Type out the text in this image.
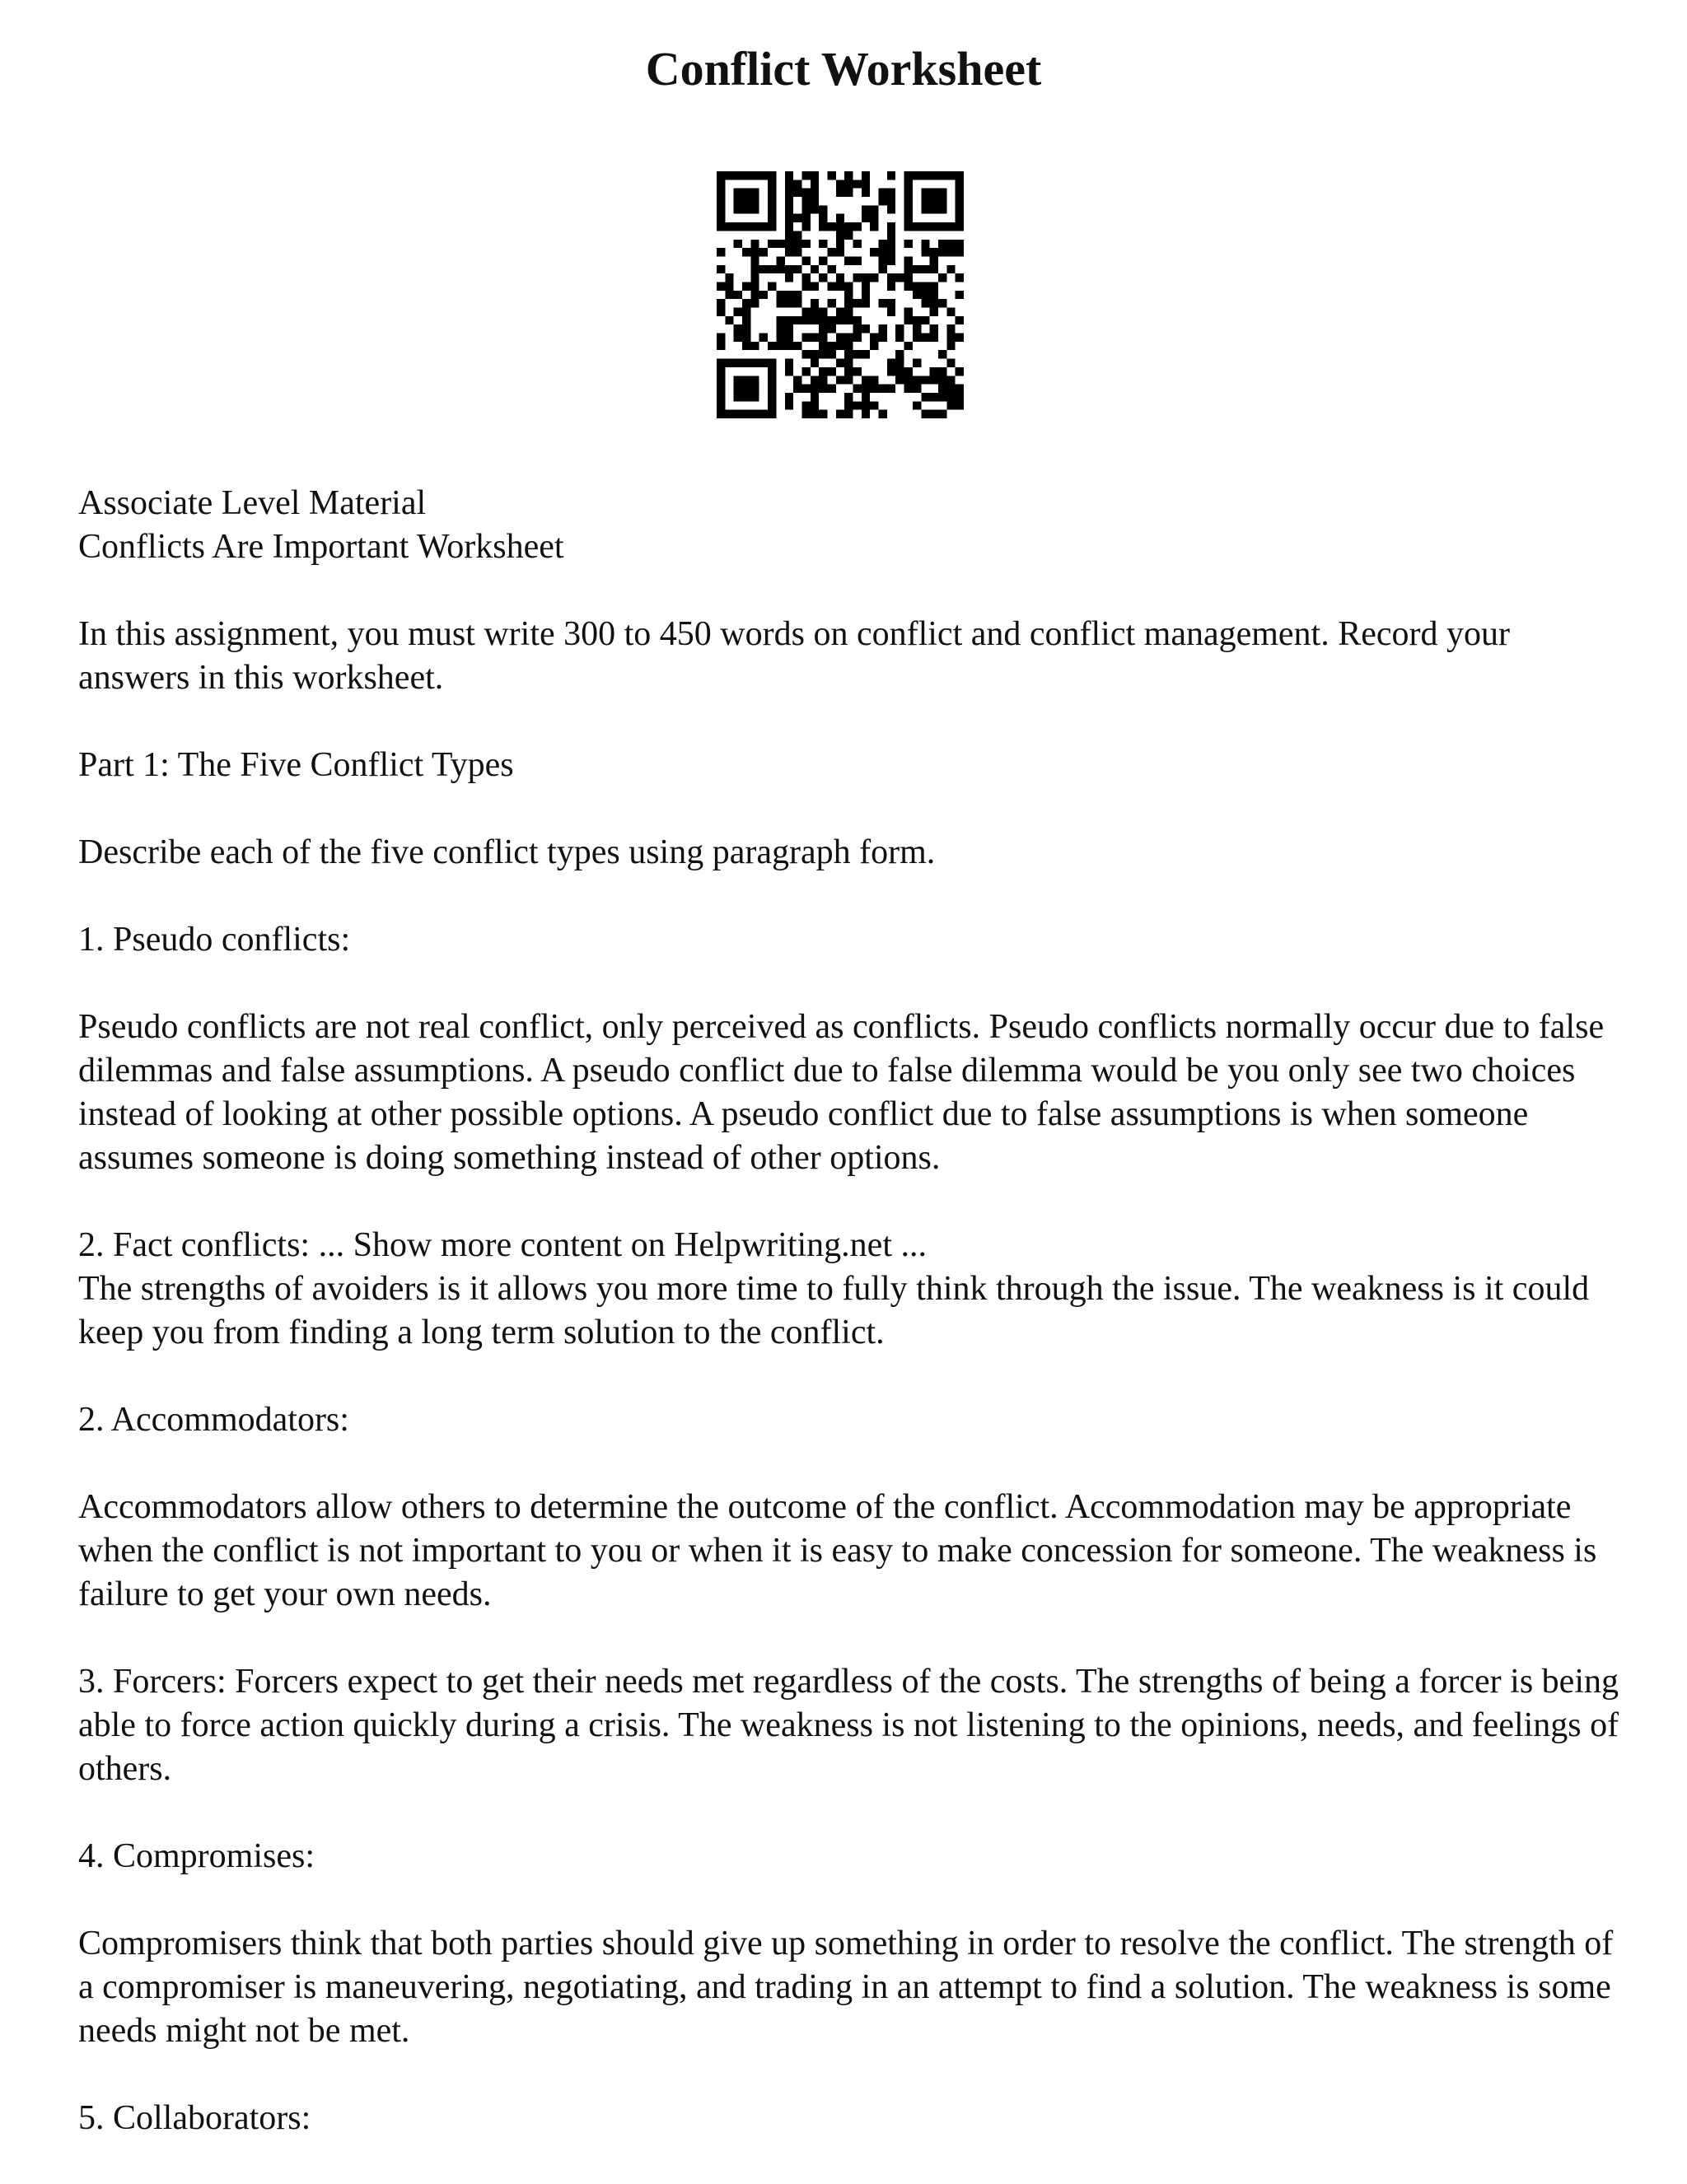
Conflict Worksheet

Associate Level Material

Conflicts Are Important Worksheet

In this assignment, you must write 300 to 450 words on conflict and conflict management. Record your answers in this worksheet.

Part 1: The Five Conflict Types

Describe each of the five conflict types using paragraph form.

1. Pseudo conflicts:

Pseudo conflicts are not real conflict, only perceived as conflicts. Pseudo conflicts normally occur due to false dilemmas and false assumptions. A pseudo conflict due to false dilemma would be you only see two choices instead of looking at other possible options. A pseudo conflict due to false assumptions is when someone assumes someone is doing something instead of other options.

2. Fact conflicts: ... Show more content on Helpwriting.net ...

The strengths of avoiders is it allows you more time to fully think through the issue. The weakness is it could keep you from finding a long term solution to the conflict.

2. Accommodators:

Accommodators allow others to determine the outcome of the conflict. Accommodation may be appropriate when the conflict is not important to you or when it is easy to make concession for someone. The weakness is failure to get your own needs.

3. Forcers: Forcers expect to get their needs met regardless of the costs. The strengths of being a forcer is being able to force action quickly during a crisis. The weakness is not listening to the opinions, needs, and feelings of others.

4. Compromises:

Compromisers think that both parties should give up something in order to resolve the conflict. The strength of a compromiser is maneuvering, negotiating, and trading in an attempt to find a solution. The weakness is some needs might not be met.

5. Collaborators:
